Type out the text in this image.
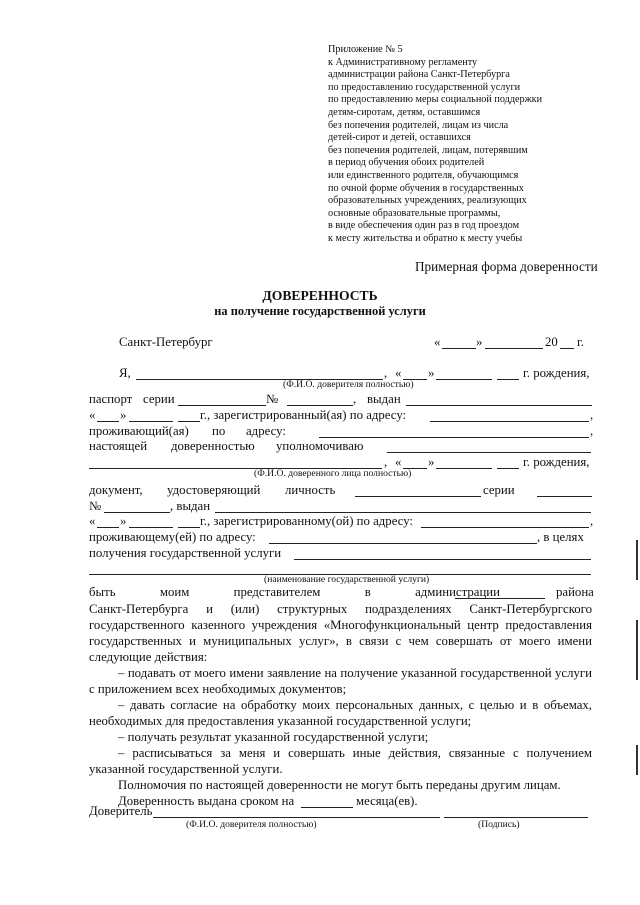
Приложение № 5
к Административному регламенту
администрации района Санкт-Петербурга
по предоставлению государственной услуги
по предоставлению меры социальной поддержки
детям-сиротам, детям, оставшимся
без попечения родителей, лицам из числа
детей-сирот и детей, оставшихся
без попечения родителей, лицам, потерявшим
в период обучения обоих родителей
или единственного родителя, обучающимся
по очной форме обучения в государственных
образовательных учреждениях, реализующих
основные образовательные программы,
в виде обеспечения один раз в год проездом
к месту жительства и обратно к месту учебы
Примерная форма доверенности
ДОВЕРЕННОСТЬ
на получение государственной услуги
Санкт-Петербург	«	»	20 г.
Я,	, « »	г. рождения,
(Ф.И.О. доверителя полностью)
паспорт серии	№	, выдан
« »	г., зарегистрированный(ая) по адресу:	,
проживающий(ая) по адресу:	,
настоящей доверенностью уполномочиваю
, « »	г. рождения,
(Ф.И.О. доверенного лица полностью)
документ, удостоверяющий личность	серии
№	, выдан
« »	г., зарегистрированному(ой) по адресу:	,
проживающему(ей) по адресу:	, в целях
получения государственной услуги
(наименование государственной услуги)
быть моим представителем в администрации	района
Санкт-Петербурга и (или) структурных подразделениях Санкт-Петербургского государственного казенного учреждения «Многофункциональный центр предоставления государственных и муниципальных услуг», в связи с чем совершать от моего имени следующие действия:
– подавать от моего имени заявление на получение указанной государственной услуги с приложением всех необходимых документов;
– давать согласие на обработку моих персональных данных, с целью и в объемах, необходимых для предоставления указанной государственной услуги;
– получать результат указанной государственной услуги;
– расписываться за меня и совершать иные действия, связанные с получением указанной государственной услуги.
Полномочия по настоящей доверенности не могут быть переданы другим лицам.
Доверенность выдана сроком на	месяца(ев).
Доверитель
(Ф.И.О. доверителя полностью)	(Подпись)
